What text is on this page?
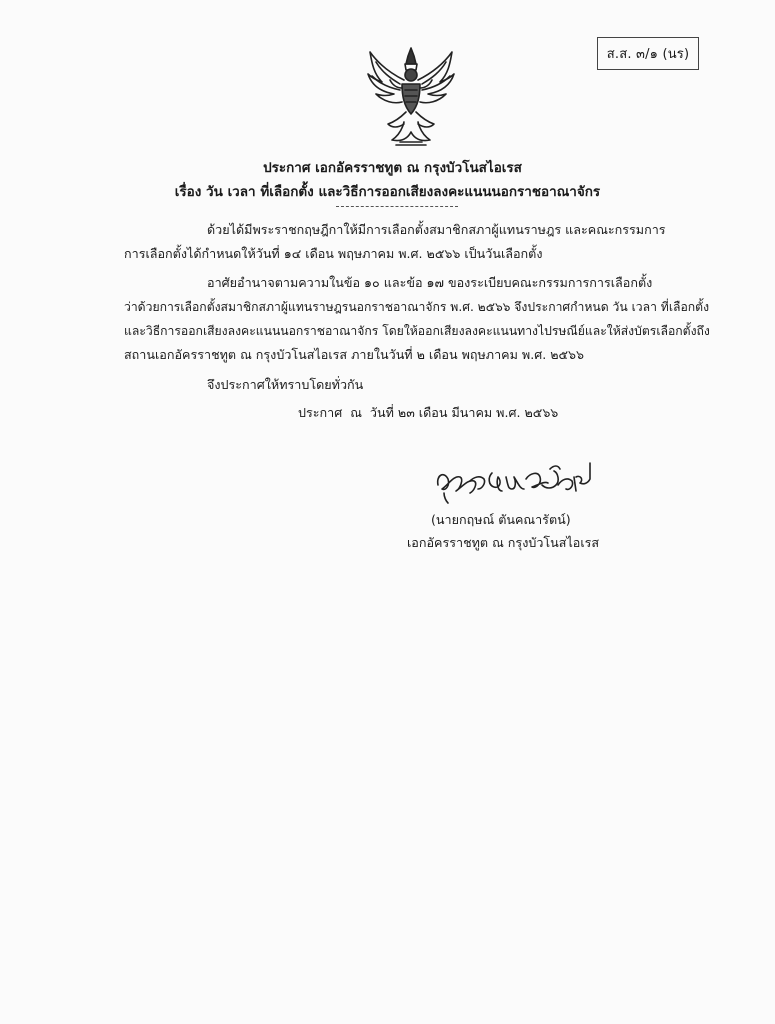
ส.ส. ๓/๑ (นร)
ประกาศ เอกอัครราชทูต ณ กรุงบัวโนสไอเรส
เรื่อง วัน เวลา ที่เลือกตั้ง และวิธีการออกเสียงลงคะแนนนอกราชอาณาจักร
ด้วยได้มีพระราชกฤษฎีกาให้มีการเลือกตั้งสมาชิกสภาผู้แทนราษฎร และคณะกรรมการ
การเลือกตั้งได้กำหนดให้วันที่ ๑๔ เดือน พฤษภาคม พ.ศ. ๒๕๖๖ เป็นวันเลือกตั้ง
อาศัยอำนาจตามความในข้อ ๑๐ และข้อ ๑๗ ของระเบียบคณะกรรมการการเลือกตั้ง
ว่าด้วยการเลือกตั้งสมาชิกสภาผู้แทนราษฎรนอกราชอาณาจักร พ.ศ. ๒๕๖๖ จึงประกาศกำหนด วัน เวลา ที่เลือกตั้ง
และวิธีการออกเสียงลงคะแนนนอกราชอาณาจักร โดยให้ออกเสียงลงคะแนนทางไปรษณีย์และให้ส่งบัตรเลือกตั้งถึง
สถานเอกอัครราชทูต ณ กรุงบัวโนสไอเรส ภายในวันที่ ๒ เดือน พฤษภาคม พ.ศ. ๒๕๖๖
จึงประกาศให้ทราบโดยทั่วกัน
ประกาศ  ณ  วันที่ ๒๓ เดือน มีนาคม พ.ศ. ๒๕๖๖
(นายกฤษณ์ ตันคณารัตน์)
เอกอัครราชทูต ณ กรุงบัวโนสไอเรส
